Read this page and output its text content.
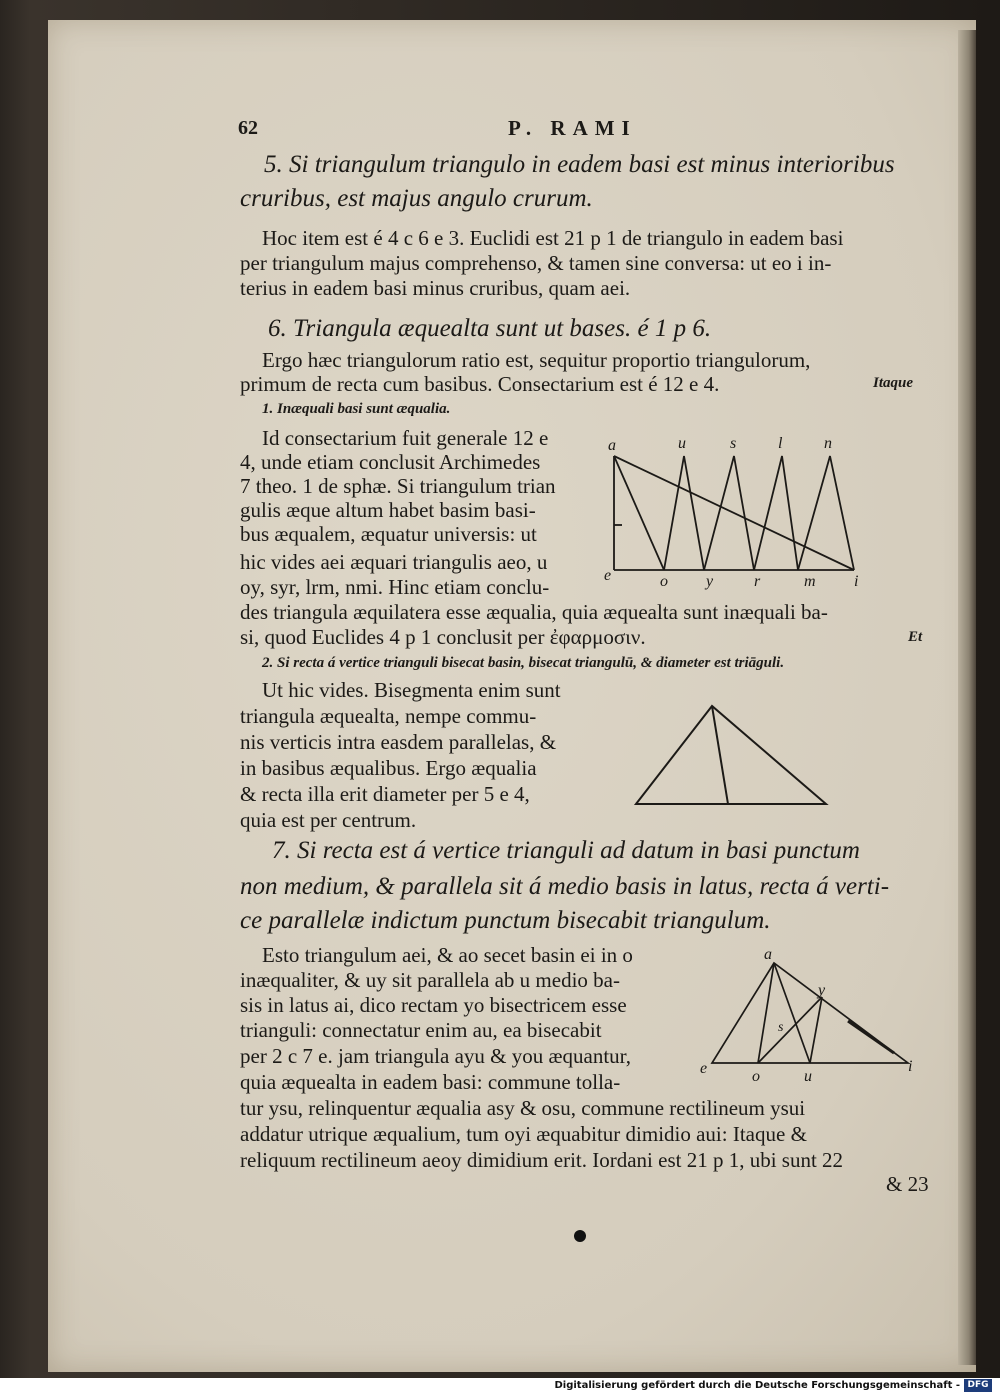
62	P. RAMI
5. Si triangulum triangulo in eadem basi est minus interioribus
cruribus, est majus angulo crurum.
Hoc item est é 4 c 6 e 3. Euclidi est 21 p 1 de triangulo in eadem basi
per triangulum majus comprehenso, & tamen sine conversa: ut eo i in-
terius in eadem basi minus cruribus, quam aei.
6. Triangula æquealta sunt ut bases. é 1 p 6.
Ergo hæc triangulorum ratio est, sequitur proportio triangulorum,
primum de recta cum basibus. Consectarium est é 12 e 4.	Itaque
1. Inæquali basi sunt æqualia.
Id consectarium fuit generale 12 e
4, unde etiam conclusit Archimedes
7 theo. 1 de sphæ. Si triangulum trian
gulis æque altum habet basim basi-
bus æqualem, æquatur universis: ut
hic vides aei æquari triangulis aeo, u
oy, syr, lrm, nmi. Hinc etiam conclu-
des triangula æquilatera esse æqualia, quia æquealta sunt inæquali ba-
si, quod Euclides 4 p 1 conclusit per ἐφαρμοσιν.	Et
2. Si recta á vertice trianguli bisecat basin, bisecat triangulū, & diameter est triāguli.
Ut hic vides. Bisegmenta enim sunt
triangula æquealta, nempe commu-
nis verticis intra easdem parallelas, &
in basibus æqualibus. Ergo æqualia
& recta illa erit diameter per 5 e 4,
quia est per centrum.
a	u	s	l	n
e	o y	r	m i
7. Si recta est á vertice trianguli ad datum in basi punctum
non medium, & parallela sit á medio basis in latus, recta á verti-
ce parallelæ indictum punctum bisecabit triangulum.
Esto triangulum aei, & ao secet basin ei in o
inæqualiter, & uy sit parallela ab u medio ba-
sis in latus ai, dico rectam yo bisectricem esse
trianguli: connectatur enim au, ea bisecabit
per 2 c 7 e. jam triangula ayu & you æquantur,
quia æquealta in eadem basi: commune tolla-
tur ysu, relinquentur æqualia asy & osu, commune rectilineum ysui
addatur utrique æqualium, tum oyi æquabitur dimidio aui: Itaque &
reliquum rectilineum aeoy dimidium erit. Iordani est 21 p 1, ubi sunt 22
& 23
a
y
s
e	o	u
i
Digitalisierung gefördert durch die Deutsche Forschungsgemeinschaft - DFG
